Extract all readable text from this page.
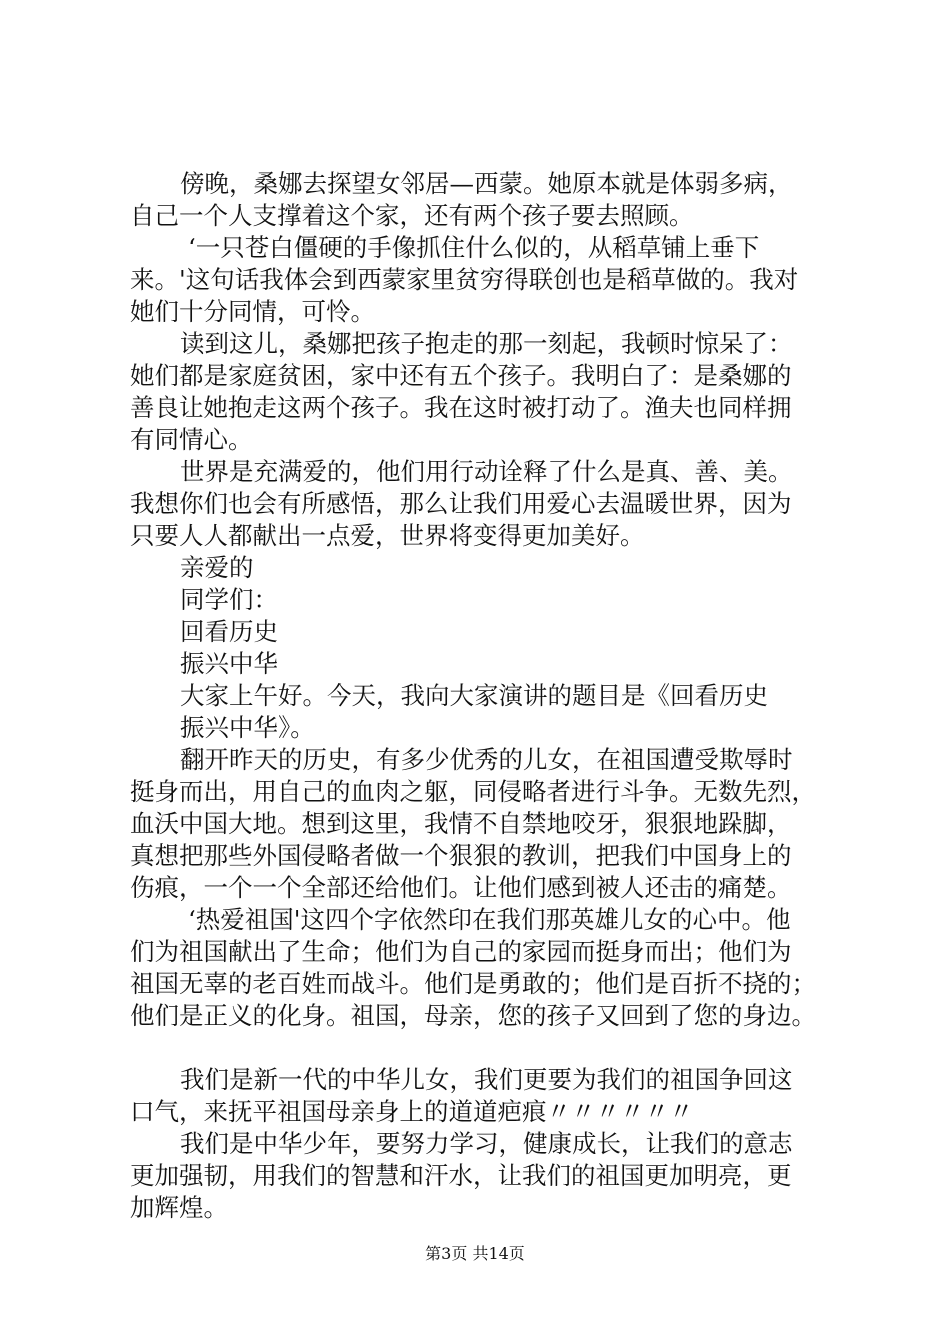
傍晚，桑娜去探望女邻居—西蒙。她原本就是体弱多病，
自己一个人支撑着这个家，还有两个孩子要去照顾。
‘一只苍白僵硬的手像抓住什么似的，从稻草铺上垂下
来。'这句话我体会到西蒙家里贫穷得联创也是稻草做的。我对
她们十分同情，可怜。
读到这儿，桑娜把孩子抱走的那一刻起，我顿时惊呆了：
她们都是家庭贫困，家中还有五个孩子。我明白了：是桑娜的
善良让她抱走这两个孩子。我在这时被打动了。渔夫也同样拥
有同情心。
世界是充满爱的，他们用行动诠释了什么是真、善、美。
我想你们也会有所感悟，那么让我们用爱心去温暖世界，因为
只要人人都献出一点爱，世界将变得更加美好。
亲爱的
同学们：
回看历史
振兴中华
大家上午好。今天，我向大家演讲的题目是《回看历史
振兴中华》。
翻开昨天的历史，有多少优秀的儿女，在祖国遭受欺辱时
挺身而出，用自己的血肉之躯，同侵略者进行斗争。无数先烈，
血沃中国大地。想到这里，我情不自禁地咬牙，狠狠地跺脚，
真想把那些外国侵略者做一个狠狠的教训，把我们中国身上的
伤痕，一个一个全部还给他们。让他们感到被人还击的痛楚。
‘热爱祖国'这四个字依然印在我们那英雄儿女的心中。他
们为祖国献出了生命；他们为自己的家园而挺身而出；他们为
祖国无辜的老百姓而战斗。他们是勇敢的；他们是百折不挠的；
他们是正义的化身。祖国，母亲，您的孩子又回到了您的身边。
我们是新一代的中华儿女，我们更要为我们的祖国争回这
口气，来抚平祖国母亲身上的道道疤痕〃〃〃〃〃〃
我们是中华少年，要努力学习，健康成长，让我们的意志
更加强韧，用我们的智慧和汗水，让我们的祖国更加明亮，更
加辉煌。
第3页 共14页
